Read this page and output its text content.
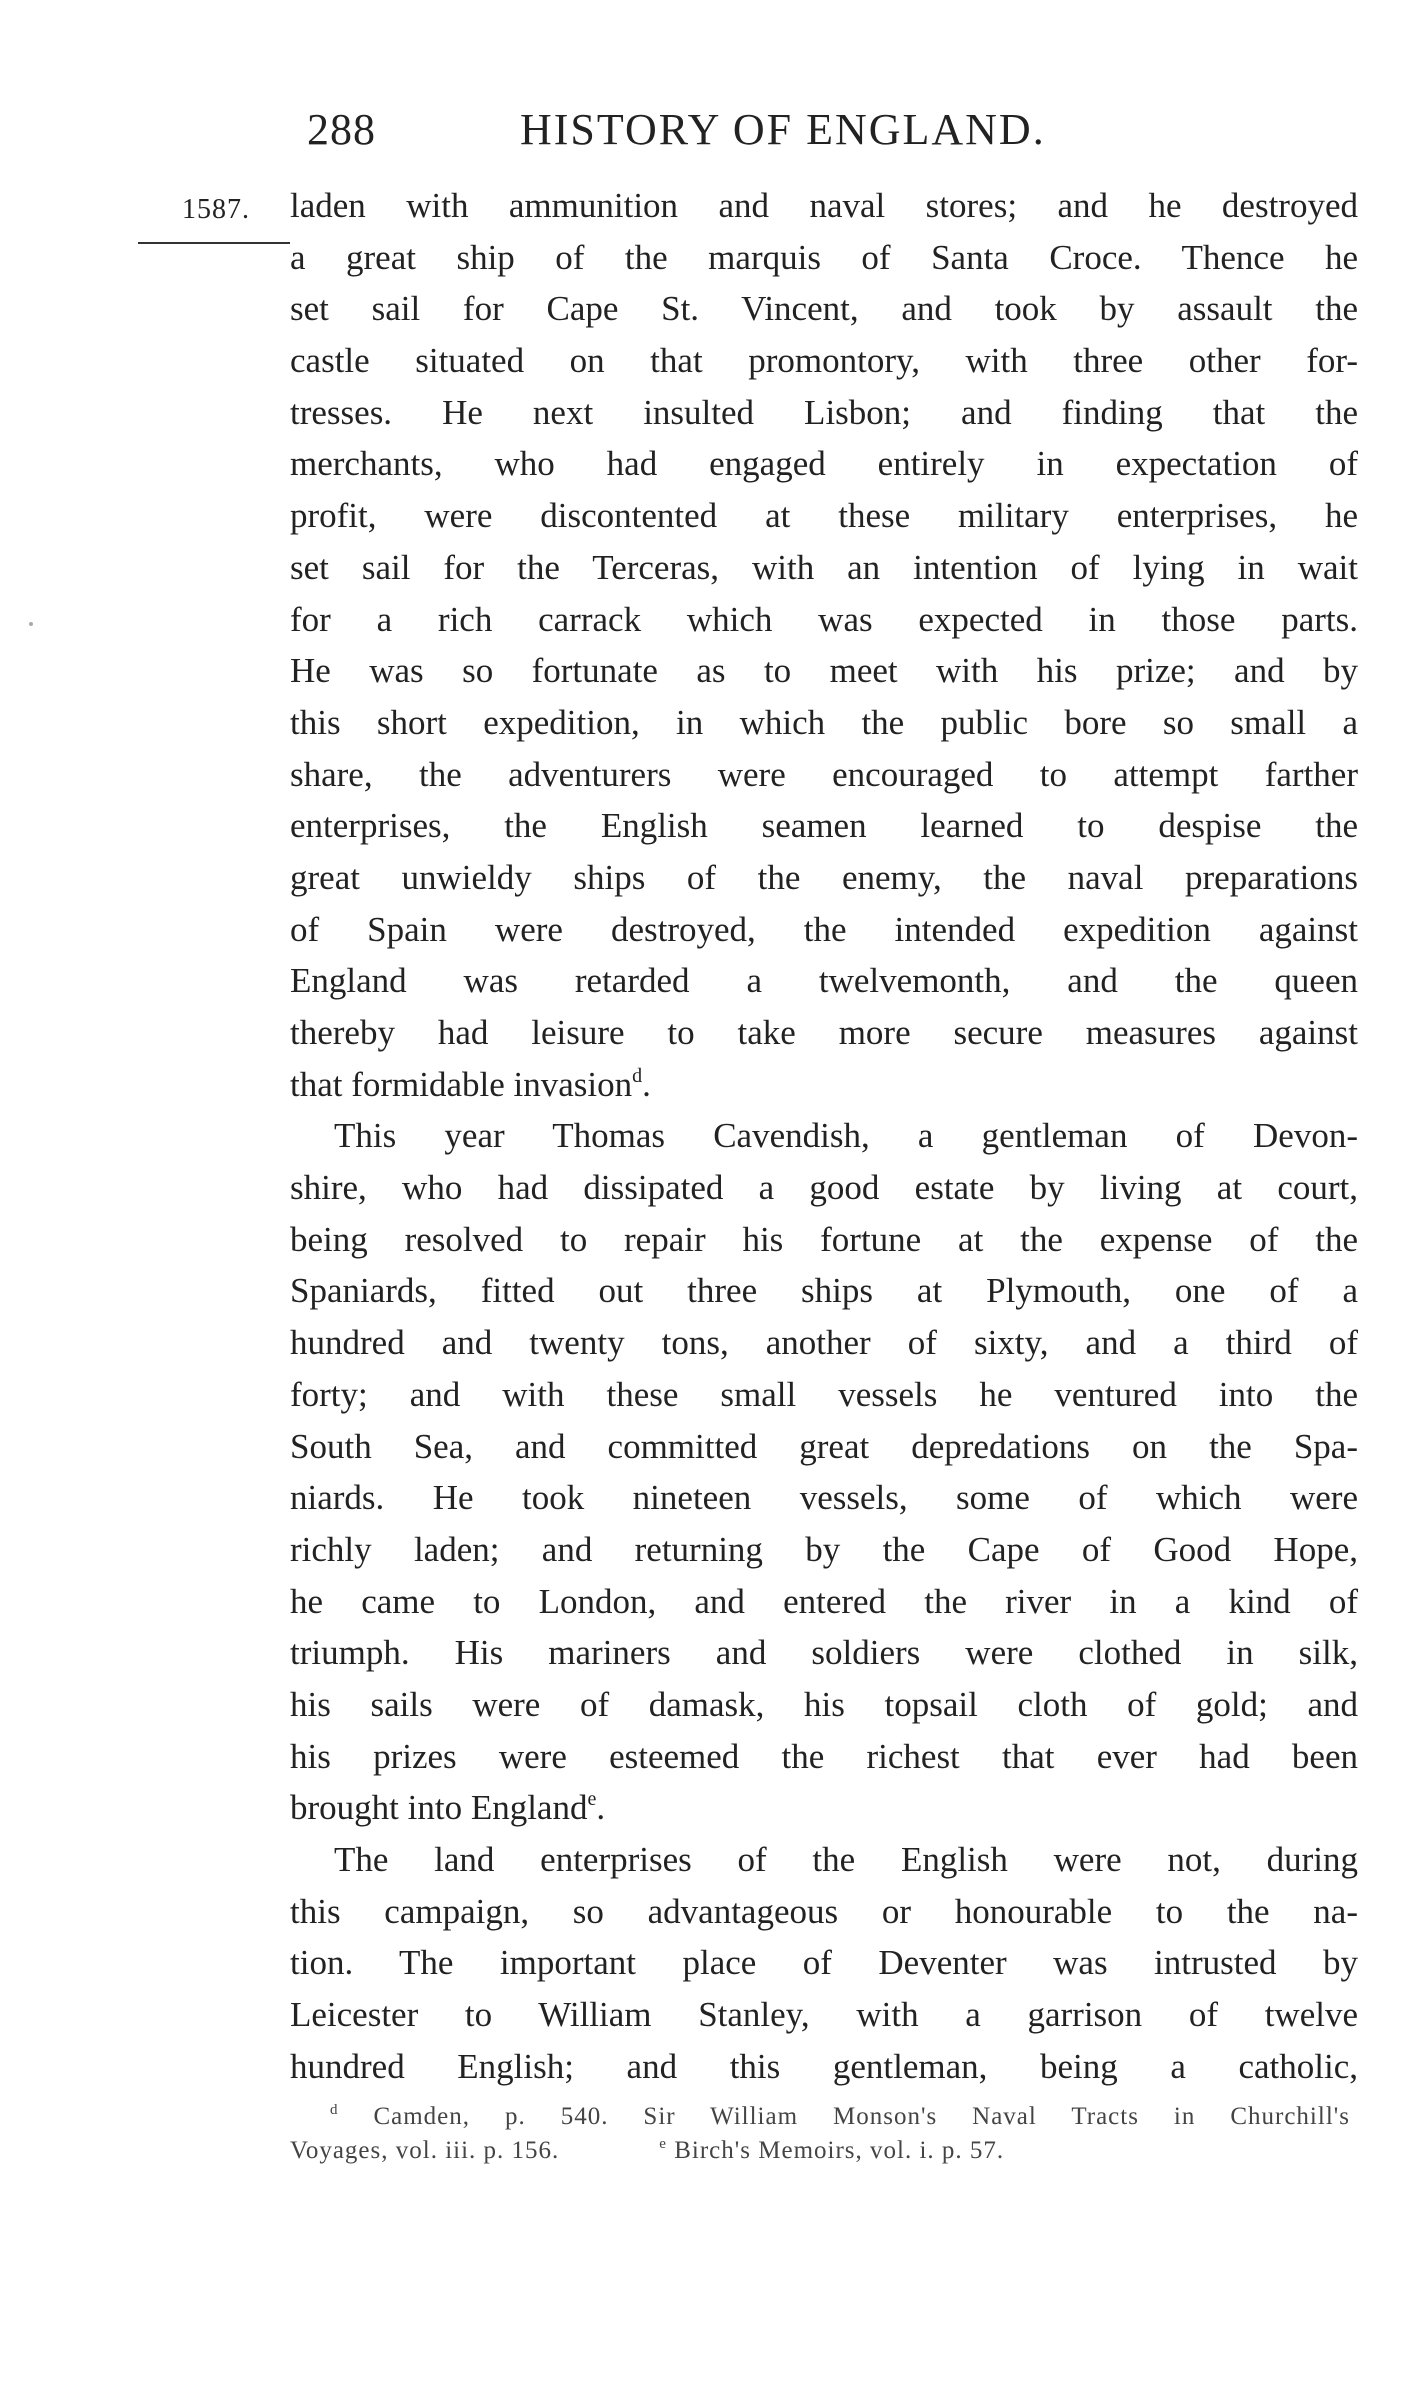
288	HISTORY OF ENGLAND.
1587. laden with ammunition and naval stores; and he destroyed
a great ship of the marquis of Santa Croce. Thence he
set sail for Cape St. Vincent, and took by assault the
castle situated on that promontory, with three other for-
tresses. He next insulted Lisbon; and finding that the
merchants, who had engaged entirely in expectation of
profit, were discontented at these military enterprises, he
set sail for the Terceras, with an intention of lying in wait
for a rich carrack which was expected in those parts.
He was so fortunate as to meet with his prize; and by
this short expedition, in which the public bore so small a
share, the adventurers were encouraged to attempt farther
enterprises, the English seamen learned to despise the
great unwieldy ships of the enemy, the naval preparations
of Spain were destroyed, the intended expedition against
England was retarded a twelvemonth, and the queen
thereby had leisure to take more secure measures against
that formidable invasion$^d$.
This year Thomas Cavendish, a gentleman of Devon-
shire, who had dissipated a good estate by living at court,
being resolved to repair his fortune at the expense of the
Spaniards, fitted out three ships at Plymouth, one of a
hundred and twenty tons, another of sixty, and a third of
forty; and with these small vessels he ventured into the
South Sea, and committed great depredations on the Spa-
niards. He took nineteen vessels, some of which were
richly laden; and returning by the Cape of Good Hope,
he came to London, and entered the river in a kind of
triumph. His mariners and soldiers were clothed in silk,
his sails were of damask, his topsail cloth of gold; and
his prizes were esteemed the richest that ever had been
brought into England$^e$.
The land enterprises of the English were not, during
this campaign, so advantageous or honourable to the na-
tion. The important place of Deventer was intrusted by
Leicester to William Stanley, with a garrison of twelve
hundred English; and this gentleman, being a catholic,
$^d$ Camden, p. 540. Sir William Monson's Naval Tracts in Churchill's
Voyages, vol. iii. p. 156.	$^e$ Birch's Memoirs, vol. i. p. 57.
